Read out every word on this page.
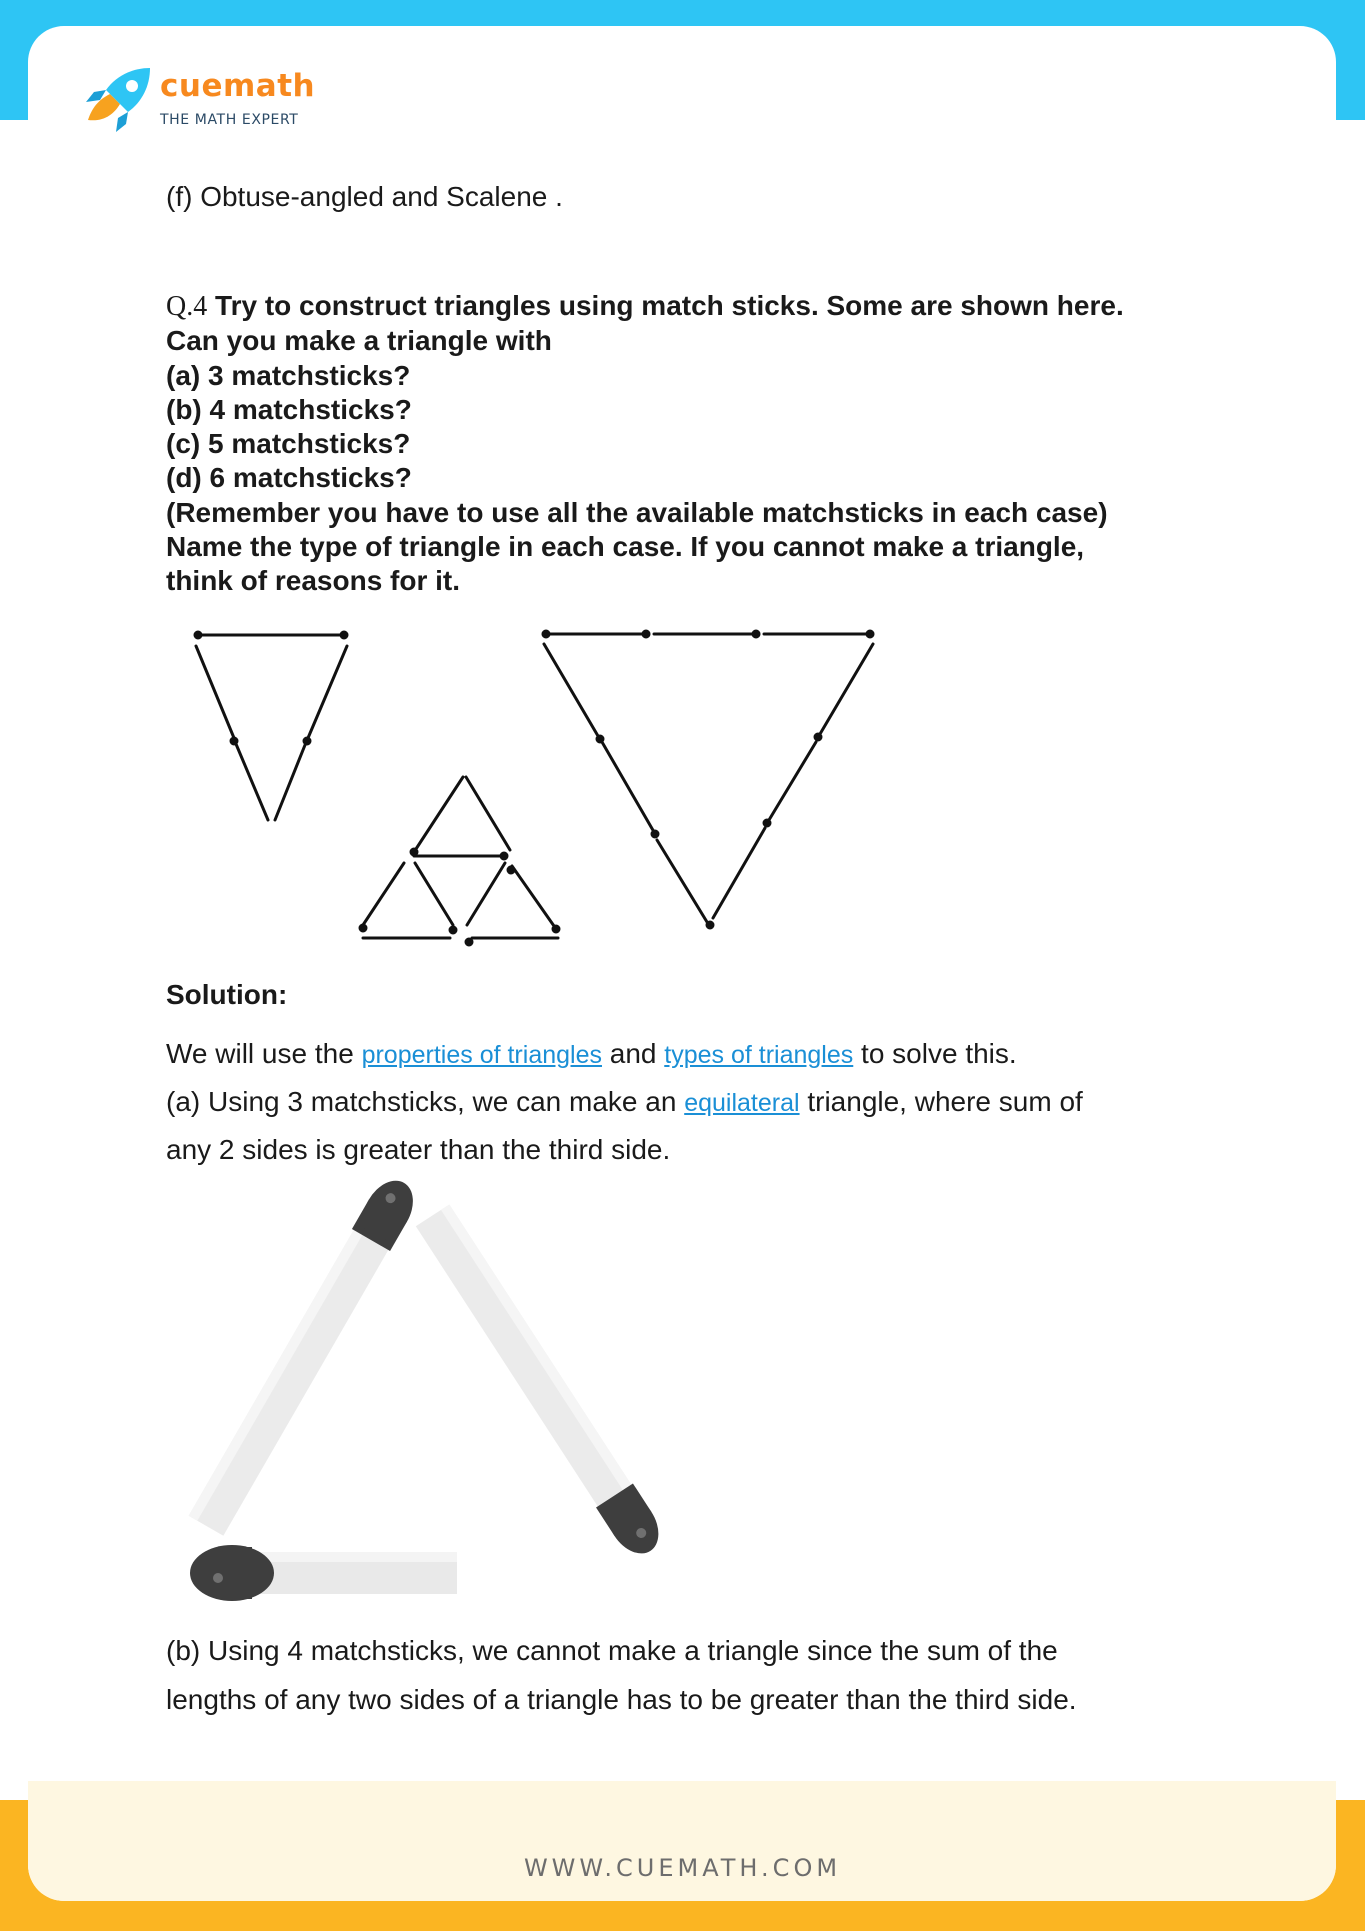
cuemath
THE MATH EXPERT
(f) Obtuse-angled and Scalene .
Q.4 Try to construct triangles using match sticks. Some are shown here.
Can you make a triangle with
(a) 3 matchsticks?
(b) 4 matchsticks?
(c) 5 matchsticks?
(d) 6 matchsticks?
(Remember you have to use all the available matchsticks in each case)
Name the type of triangle in each case. If you cannot make a triangle,
think of reasons for it.
Solution:
We will use the properties of triangles and types of triangles to solve this.
(a) Using 3 matchsticks, we can make an equilateral triangle, where sum of
any 2 sides is greater than the third side.
(b) Using 4 matchsticks, we cannot make a triangle since the sum of the
lengths of any two sides of a triangle has to be greater than the third side.
WWW.CUEMATH.COM
